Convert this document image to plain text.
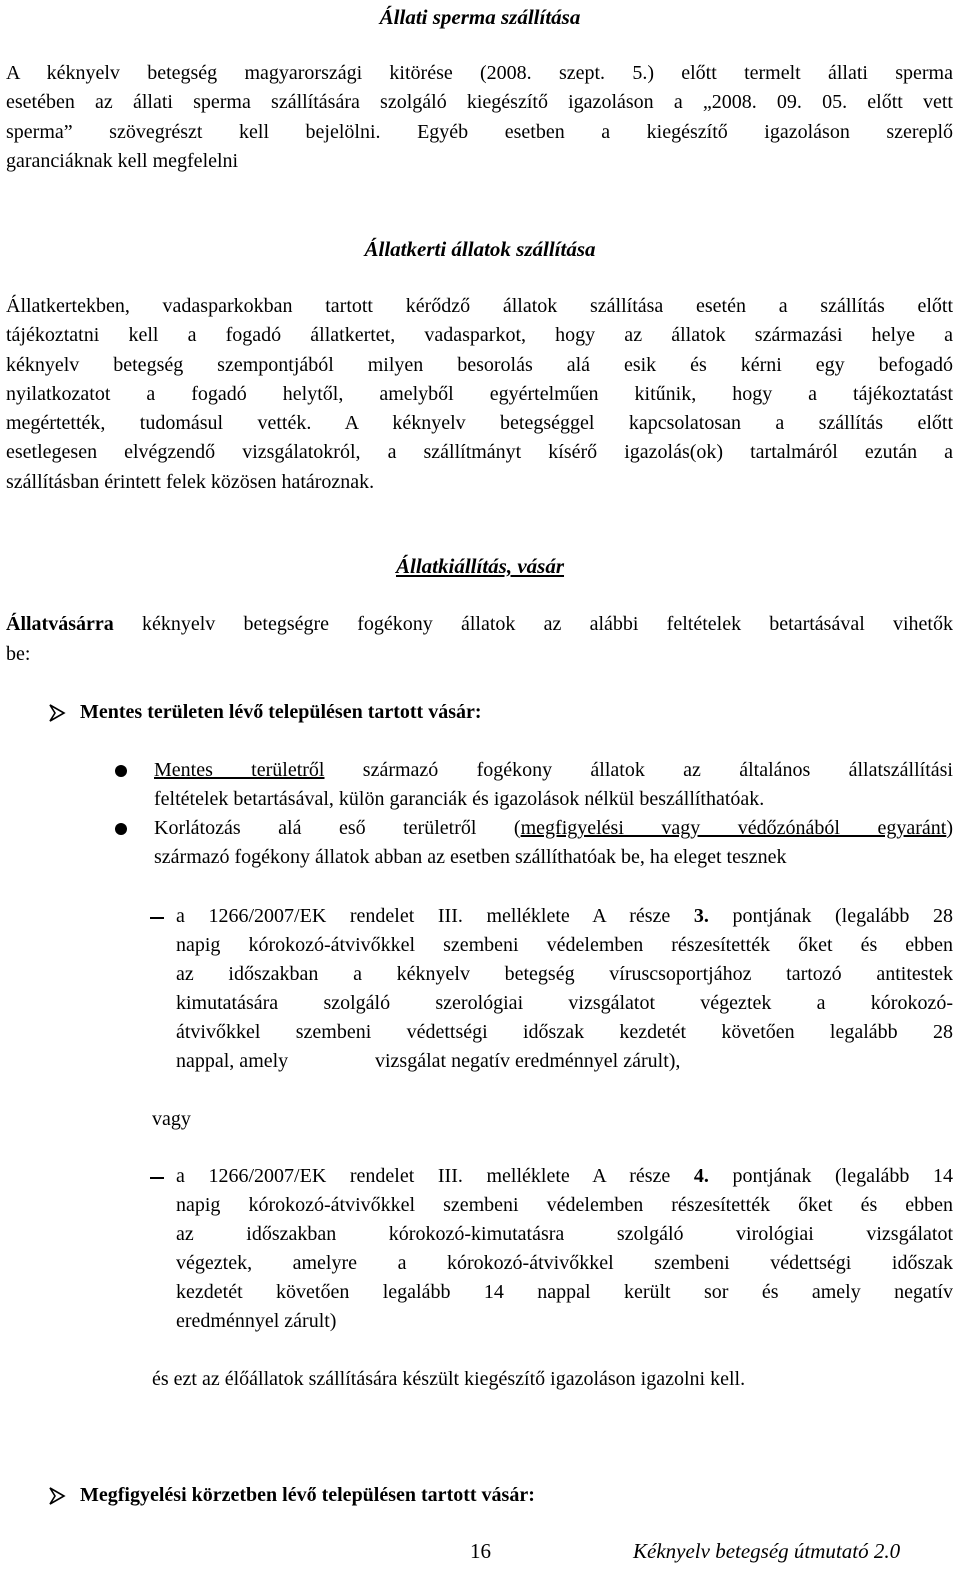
Állati sperma szállítása
A kéknyelv betegség magyarországi kitörése (2008. szept. 5.) előtt termelt állati sperma
esetében az állati sperma szállítására szolgáló kiegészítő igazoláson a „2008. 09. 05. előtt vett
sperma” szövegrészt kell bejelölni. Egyéb esetben a kiegészítő igazoláson szereplő
garanciáknak kell megfelelni
Állatkerti állatok szállítása
Állatkertekben, vadasparkokban tartott kérődző állatok szállítása esetén a szállítás előtt
tájékoztatni kell a fogadó állatkertet, vadasparkot, hogy az állatok származási helye a
kéknyelv betegség szempontjából milyen besorolás alá esik és kérni egy befogadó
nyilatkozatot a fogadó helytől, amelyből egyértelműen kitűnik, hogy a tájékoztatást
megértették, tudomásul vették. A kéknyelv betegséggel kapcsolatosan a szállítás előtt
esetlegesen elvégzendő vizsgálatokról, a szállítmányt kísérő igazolás(ok) tartalmáról ezután a
szállításban érintett felek közösen határoznak.
Állatkiállítás, vásár
Állatvásárra kéknyelv betegségre fogékony állatok az alábbi feltételek betartásával vihetők
be:
Mentes területen lévő településen tartott vásár:
Mentes területről származó fogékony állatok az általános állatszállítási
feltételek betartásával, külön garanciák és igazolások nélkül beszállíthatóak.
Korlátozás alá eső területről (megfigyelési vagy védőzónából egyaránt)
származó fogékony állatok abban az esetben szállíthatóak be, ha eleget tesznek
a 1266/2007/EK rendelet III. melléklete A része 3. pontjának (legalább 28
napig kórokozó-átvivőkkel szembeni védelemben részesítették őket és ebben
az időszakban a kéknyelv betegség víruscsoportjához tartozó antitestek
kimutatására szolgáló szerológiai vizsgálatot végeztek a kórokozó-
átvivőkkel szembeni védettségi időszak kezdetét követően legalább 28
nappal, amely	vizsgálat negatív eredménnyel zárult),
vagy
a 1266/2007/EK rendelet III. melléklete A része 4. pontjának (legalább 14
napig kórokozó-átvivőkkel szembeni védelemben részesítették őket és ebben
az időszakban kórokozó-kimutatásra szolgáló virológiai vizsgálatot
végeztek, amelyre a kórokozó-átvivőkkel szembeni védettségi időszak
kezdetét követően legalább 14 nappal került sor és amely negatív
eredménnyel zárult)
és ezt az élőállatok szállítására készült kiegészítő igazoláson igazolni kell.
Megfigyelési körzetben lévő településen tartott vásár:
16	Kéknyelv betegség útmutató 2.0
